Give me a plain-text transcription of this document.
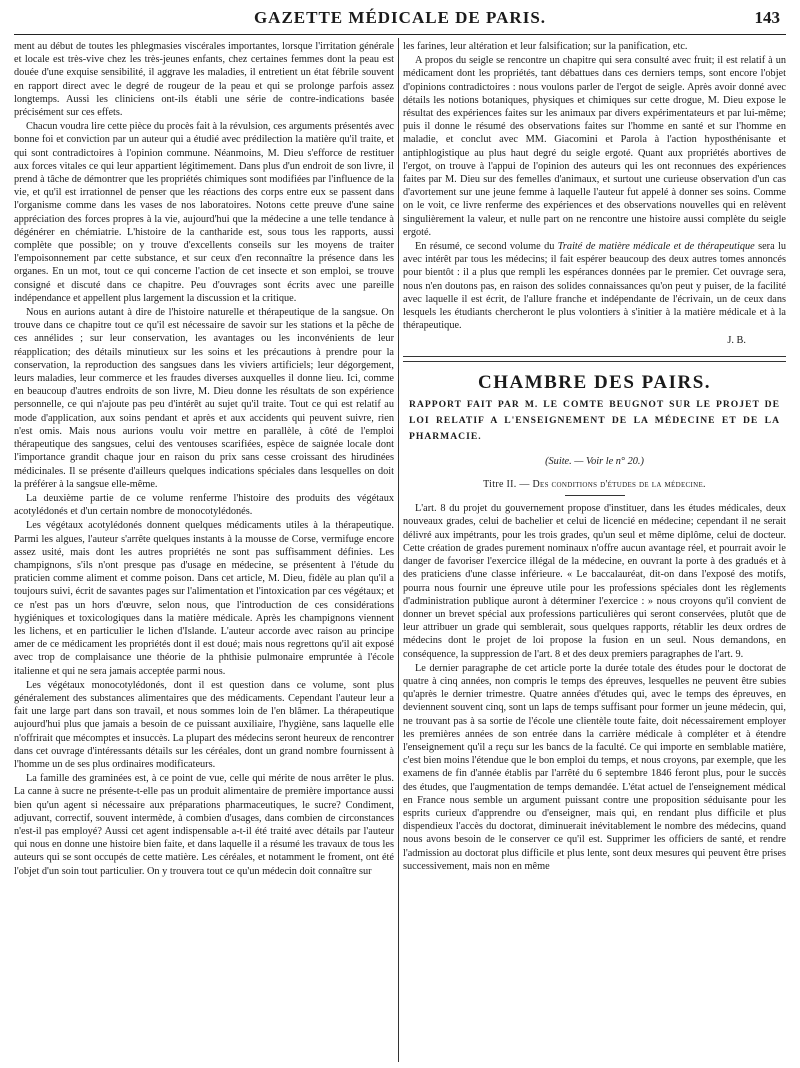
GAZETTE MÉDICALE DE PARIS.	143

ment au début de toutes les phlegmasies viscérales importantes, lorsque l'irritation générale et locale est très-vive chez les très-jeunes enfants, chez certaines femmes dont la peau est douée d'une exquise sensibilité, il aggrave les maladies, il entretient un état fébrile souvent en rapport direct avec le degré de rougeur de la peau et qui se prolonge parfois assez longtemps. Aussi les cliniciens ont-ils établi une série de contre-indications basée précisément sur ces effets.

Chacun voudra lire cette pièce du procès fait à la révulsion, ces arguments présentés avec bonne foi et conviction par un auteur qui a étudié avec prédilection la matière qu'il traite, et qui sont contradictoires à l'opinion commune. Néanmoins, M. Dieu s'efforce de restituer aux forces vitales ce qui leur appartient légitimement. Dans plus d'un endroit de son livre, il prend à tâche de démontrer que les propriétés chimiques sont modifiées par l'influence de la vie, et qu'il est irrationnel de penser que les réactions des corps entre eux se passent dans l'organisme comme dans les vases de nos laboratoires. Notons cette preuve d'une saine appréciation des forces propres à la vie, aujourd'hui que la médecine a une telle tendance à dégénérer en chémiatrie. L'histoire de la cantharide est, sous tous les rapports, aussi complète que possible; on y trouve d'excellents conseils sur les moyens de traiter l'empoisonnement par cette substance, et sur ceux d'en reconnaître la présence dans les organes. En un mot, tout ce qui concerne l'action de cet insecte et son emploi, se trouve consigné et discuté dans ce chapitre. Peu d'ouvrages sont écrits avec une pareille indépendance et appellent plus largement la discussion et la critique.

Nous en aurions autant à dire de l'histoire naturelle et thérapeutique de la sangsue. On trouve dans ce chapitre tout ce qu'il est nécessaire de savoir sur les stations et la pêche de ces annélides ; sur leur conservation, les avantages ou les inconvénients de leur réapplication; des détails minutieux sur les soins et les précautions à prendre pour la conservation, la reproduction des sangsues dans les viviers artificiels; leur dégorgement, leurs maladies, leur commerce et les fraudes diverses auxquelles il donne lieu. Ici, comme en beaucoup d'autres endroits de son livre, M. Dieu donne les résultats de son expérience personnelle, ce qui n'ajoute pas peu d'intérêt au sujet qu'il traite. Tout ce qui est relatif au mode d'application, aux soins pendant et après et aux accidents qui peuvent suivre, rien n'est omis. Mais nous aurions voulu voir mettre en parallèle, à côté de l'emploi thérapeutique des sangsues, celui des ventouses scarifiées, espèce de saignée locale dont l'importance grandit chaque jour en raison du prix sans cesse croissant des hirudinées médicinales. Il se présente d'ailleurs quelques indications spéciales dans lesquelles on doit la préférer à la sangsue elle-même.

La deuxième partie de ce volume renferme l'histoire des produits des végétaux acotylédonés et d'un certain nombre de monocotylédonés.

Les végétaux acotylédonés donnent quelques médicaments utiles à la thérapeutique. Parmi les algues, l'auteur s'arrête quelques instants à la mousse de Corse, vermifuge encore assez usité, mais dont les autres propriétés ne sont pas suffisamment définies. Les champignons, s'ils n'ont presque pas d'usage en médecine, se présentent à l'étude du praticien comme aliment et comme poison. Dans cet article, M. Dieu, fidèle au plan qu'il a toujours suivi, écrit de savantes pages sur l'alimentation et l'intoxication par ces végétaux; et ce n'est pas un hors d'œuvre, selon nous, que l'introduction de ces considérations hygiéniques et toxicologiques dans la matière médicale. Après les champignons viennent les lichens, et en particulier le lichen d'Islande. L'auteur accorde avec raison au principe amer de ce médicament les propriétés dont il est doué; mais nous regrettons qu'il ait exposé avec trop de complaisance une théorie de la phthisie pulmonaire empruntée à l'école italienne et qui ne sera jamais acceptée parmi nous.

Les végétaux monocotylédonés, dont il est question dans ce volume, sont plus généralement des substances alimentaires que des médicaments. Cependant l'auteur leur a fait une large part dans son travail, et nous sommes loin de l'en blâmer. La thérapeutique aujourd'hui plus que jamais a besoin de ce puissant auxiliaire, l'hygiène, sans laquelle elle n'offrirait que mécomptes et insuccès. La plupart des médecins seront heureux de rencontrer dans cet ouvrage d'intéressants détails sur les céréales, dont un grand nombre fournissent à l'homme un de ses plus ordinaires modificateurs.

La famille des graminées est, à ce point de vue, celle qui mérite de nous arrêter le plus. La canne à sucre ne présente-t-elle pas un produit alimentaire de première importance aussi bien qu'un agent si nécessaire aux préparations pharmaceutiques, le sucre? Condiment, adjuvant, correctif, souvent intermède, à combien d'usages, dans combien de circonstances n'est-il pas employé? Aussi cet agent indispensable a-t-il été traité avec détails par l'auteur qui nous en donne une histoire bien faite, et dans laquelle il a résumé les travaux de tous les auteurs qui se sont occupés de cette matière. Les céréales, et notamment le froment, ont été l'objet d'un soin tout particulier. On y trouvera tout ce qu'un médecin doit connaître sur

les farines, leur altération et leur falsification; sur la panification, etc.

A propos du seigle se rencontre un chapitre qui sera consulté avec fruit; il est relatif à un médicament dont les propriétés, tant débattues dans ces derniers temps, sont encore l'objet d'opinions contradictoires : nous voulons parler de l'ergot de seigle. Après avoir donné avec détails les notions botaniques, physiques et chimiques sur cette drogue, M. Dieu expose le résultat des expériences faites sur les animaux par divers expérimentateurs et par lui-même; puis il donne le résumé des observations faites sur l'homme en santé et sur l'homme en maladie, et conclut avec MM. Giacomini et Parola à l'action hyposthénisante et antiphlogistique au plus haut degré du seigle ergoté. Quant aux propriétés abortives de l'ergot, on trouve à l'appui de l'opinion des auteurs qui les ont reconnues des expériences faites par M. Dieu sur des femelles d'animaux, et surtout une curieuse observation d'un cas d'avortement sur une jeune femme à laquelle l'auteur fut appelé à donner ses soins. Comme on le voit, ce livre renferme des expériences et des observations nouvelles qui en relèvent singulièrement la valeur, et nulle part on ne rencontre une histoire aussi complète du seigle ergoté.

En résumé, ce second volume du Traité de matière médicale et de thérapeutique sera lu avec intérêt par tous les médecins; il fait espérer beaucoup des deux autres tomes annoncés pour bientôt : il a plus que rempli les espérances données par le premier. Cet ouvrage sera, nous n'en doutons pas, en raison des solides connaissances qu'on peut y puiser, de la facilité avec laquelle il est écrit, de l'allure franche et indépendante de l'écrivain, un de ceux dans lesquels les étudiants chercheront le plus volontiers à s'initier à la matière médicale et à la thérapeutique.

J. B.
CHAMBRE DES PAIRS.
RAPPORT FAIT PAR M. LE COMTE BEUGNOT SUR LE PROJET DE LOI RELATIF A L'ENSEIGNEMENT DE LA MÉDECINE ET DE LA PHARMACIE.
(Suite. — Voir le n° 20.)
Titre II. — Des conditions d'études de la médecine.

L'art. 8 du projet du gouvernement propose d'instituer, dans les études médicales, deux nouveaux grades, celui de bachelier et celui de licencié en médecine; cependant il ne serait délivré aux impétrants, pour les trois grades, qu'un seul et même diplôme, celui de docteur. Cette création de grades purement nominaux n'offre aucun avantage réel, et pourrait avoir le danger de favoriser l'exercice illégal de la médecine, en ouvrant la porte à des gradués et à des praticiens d'une classe inférieure. « Le baccalauréat, dit-on dans l'exposé des motifs, pourra nous fournir une épreuve utile pour les professions spéciales dont les règlements d'administration publique auront à déterminer l'exercice : » nous croyons qu'il convient de donner un brevet spécial aux professions particulières qui seront conservées, plutôt que de leur attribuer un grade qui semblerait, sous quelques rapports, rétablir les deux ordres de médecins dont le projet de loi propose la fusion en un seul. Nous demandons, en conséquence, la suppression de l'art. 8 et des deux premiers paragraphes de l'art. 9.

Le dernier paragraphe de cet article porte la durée totale des études pour le doctorat de quatre à cinq années, non compris le temps des épreuves, lesquelles ne peuvent être subies qu'après le dernier trimestre. Quatre années d'études qui, avec le temps des épreuves, en deviennent souvent cinq, sont un laps de temps suffisant pour former un jeune médecin, qui, ne trouvant pas à sa sortie de l'école une clientèle toute faite, doit nécessairement employer les premières années de son entrée dans la carrière médicale à compléter et à étendre l'enseignement qu'il a reçu sur les bancs de la faculté. Ce qui importe en semblable matière, c'est bien moins l'étendue que le bon emploi du temps, et nous croyons, par exemple, que les examens de fin d'année établis par l'arrêté du 6 septembre 1846 feront plus, pour le succès des études, que l'augmentation de temps demandée. L'état actuel de l'enseignement médical en France nous semble un argument puissant contre une proposition séduisante pour les esprits curieux d'apprendre ou d'enseigner, mais qui, en rendant plus difficile et plus dispendieux l'accès du doctorat, diminuerait inévitablement le nombre des médecins, quand nous avons besoin de le conserver ce qu'il est. Supprimer les officiers de santé, et rendre l'admission au doctorat plus difficile et plus lente, sont deux mesures qui peuvent être prises successivement, mais non en même
